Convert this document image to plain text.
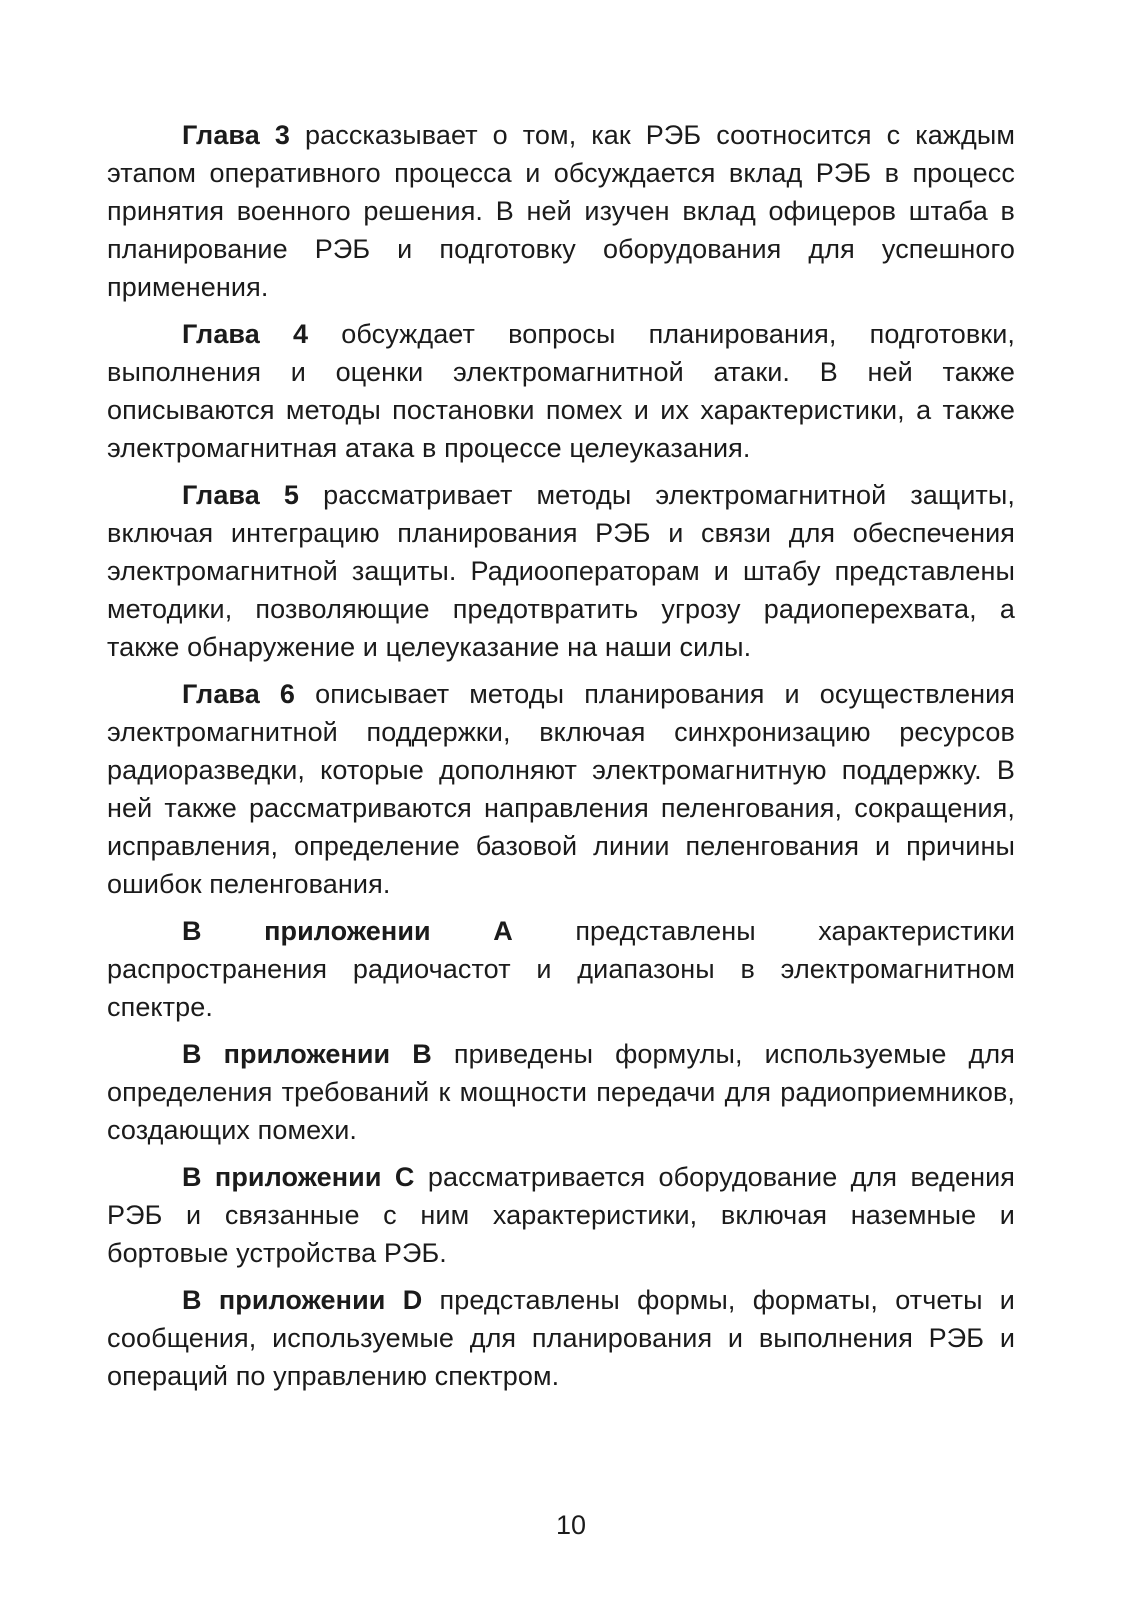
Глава 3 рассказывает о том, как РЭБ соотносится с каждым этапом оперативного процесса и обсуждается вклад РЭБ в процесс принятия военного решения. В ней изучен вклад офицеров штаба в планирование РЭБ и подготовку оборудования для успешного применения.

Глава 4 обсуждает вопросы планирования, подготовки, выполнения и оценки электромагнитной атаки. В ней также описываются методы постановки помех и их характеристики, а также электромагнитная атака в процессе целеуказания.

Глава 5 рассматривает методы электромагнитной защиты, включая интеграцию планирования РЭБ и связи для обеспечения электромагнитной защиты. Радиооператорам и штабу представлены методики, позволяющие предотвратить угрозу радиоперехвата, а также обнаружение и целеуказание на наши силы.

Глава 6 описывает методы планирования и осуществления электромагнитной поддержки, включая синхронизацию ресурсов радиоразведки, которые дополняют электромагнитную поддержку. В ней также рассматриваются направления пеленгования, сокращения, исправления, определение базовой линии пеленгования и причины ошибок пеленгования.

В приложении A представлены характеристики распространения радиочастот и диапазоны в электромагнитном спектре.

В приложении B приведены формулы, используемые для определения требований к мощности передачи для радиоприемников, создающих помехи.

В приложении C рассматривается оборудование для ведения РЭБ и связанные с ним характеристики, включая наземные и бортовые устройства РЭБ.

В приложении D представлены формы, форматы, отчеты и сообщения, используемые для планирования и выполнения РЭБ и операций по управлению спектром.

10
